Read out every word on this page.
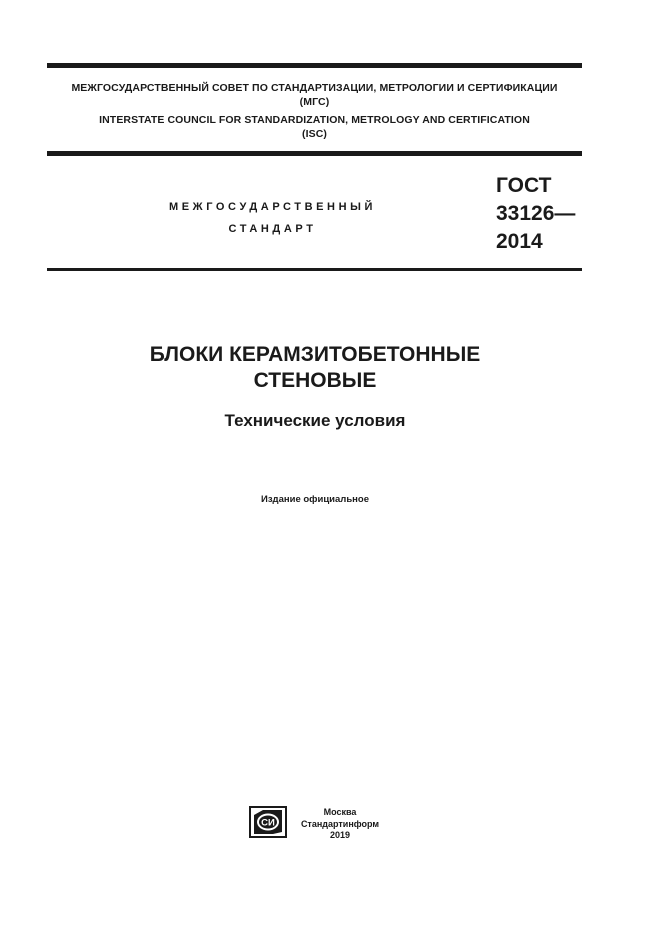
МЕЖГОСУДАРСТВЕННЫЙ СОВЕТ ПО СТАНДАРТИЗАЦИИ, МЕТРОЛОГИИ И СЕРТИФИКАЦИИ
(МГС)
INTERSTATE COUNCIL FOR STANDARDIZATION, METROLOGY AND CERTIFICATION
(ISC)
МЕЖГОСУДАРСТВЕННЫЙ
СТАНДАРТ
ГОСТ
33126—
2014
БЛОКИ КЕРАМЗИТОБЕТОННЫЕ
СТЕНОВЫЕ
Технические условия
Издание официальное
СИ
Москва
Стандартинформ
2019
